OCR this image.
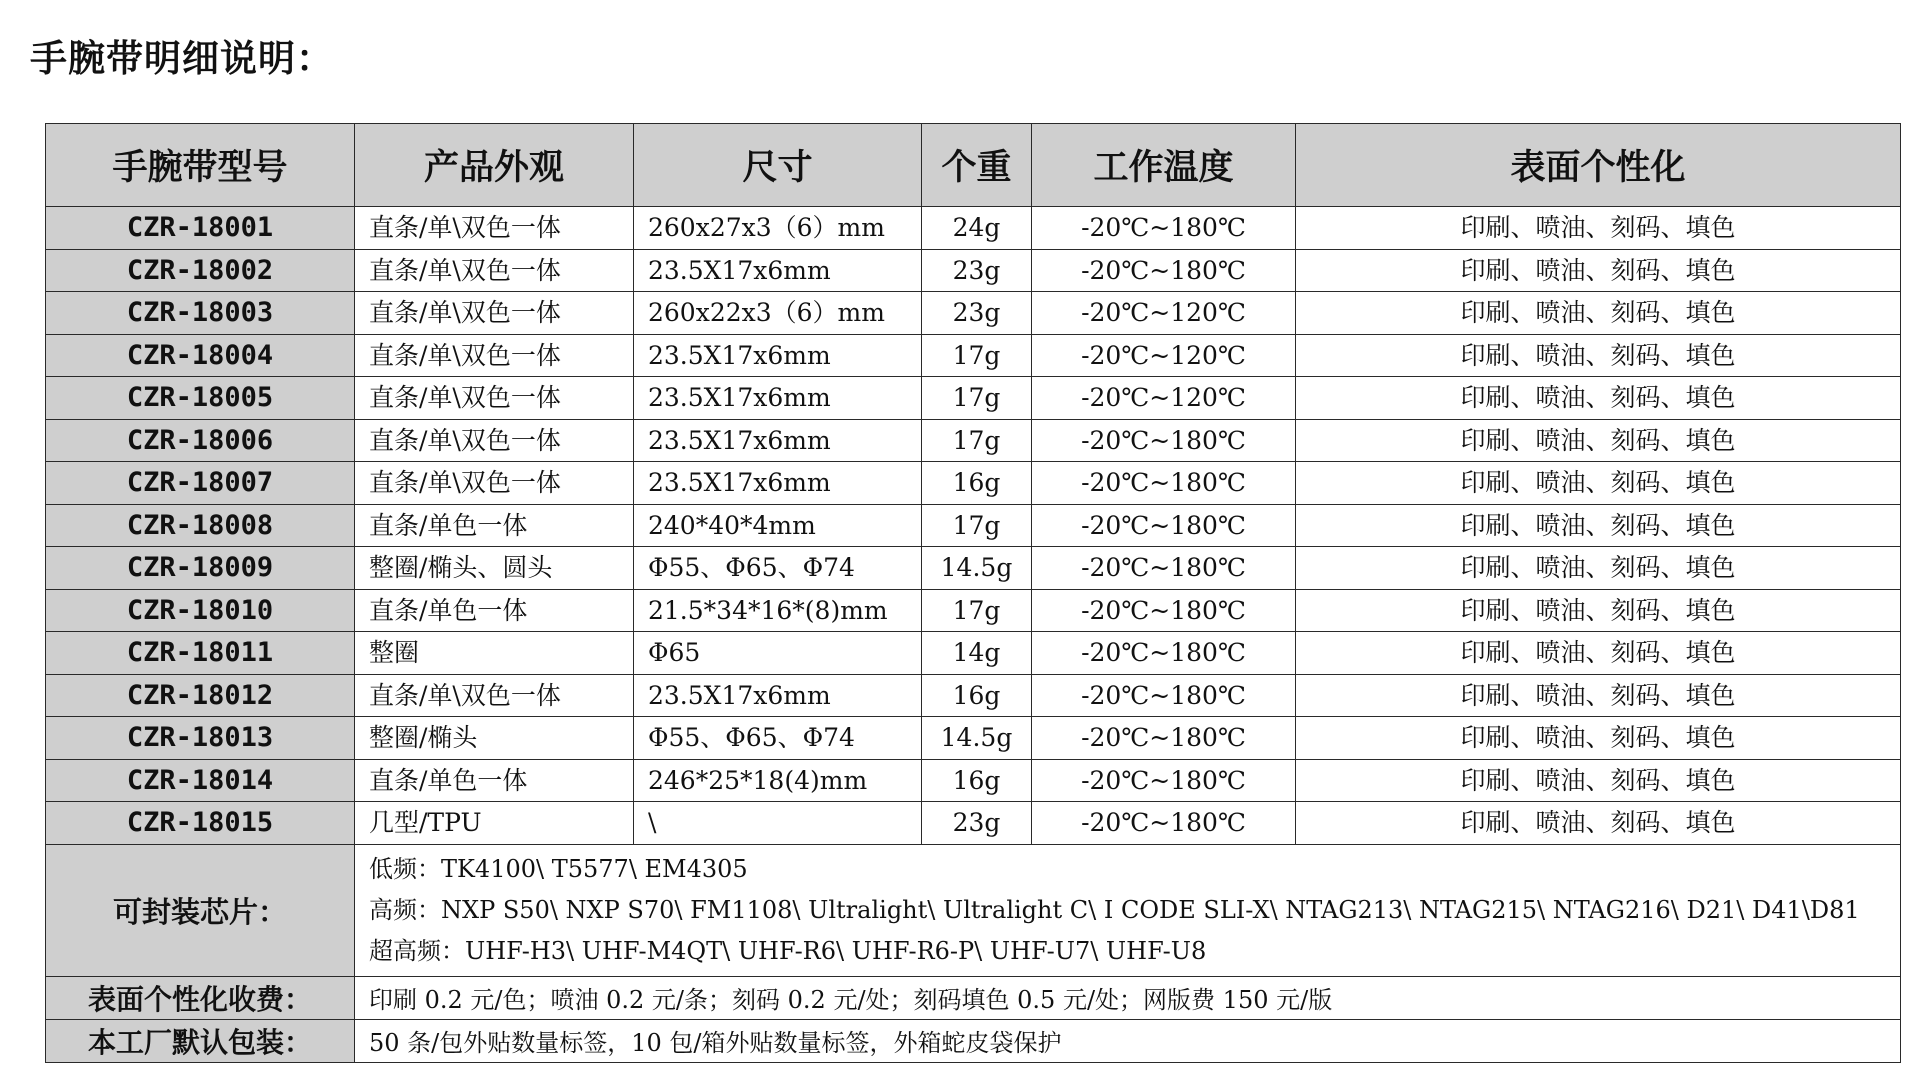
手腕带明细说明：
手腕带型号	产品外观	尺寸	个重	工作温度	表面个性化
CZR-18001	直条/单\双色一体	260x27x3（6）mm	24g	-20℃~180℃	印刷、喷油、刻码、填色
CZR-18002	直条/单\双色一体	23.5X17x6mm	23g	-20℃~180℃	印刷、喷油、刻码、填色
CZR-18003	直条/单\双色一体	260x22x3（6）mm	23g	-20℃~120℃	印刷、喷油、刻码、填色
CZR-18004	直条/单\双色一体	23.5X17x6mm	17g	-20℃~120℃	印刷、喷油、刻码、填色
CZR-18005	直条/单\双色一体	23.5X17x6mm	17g	-20℃~120℃	印刷、喷油、刻码、填色
CZR-18006	直条/单\双色一体	23.5X17x6mm	17g	-20℃~180℃	印刷、喷油、刻码、填色
CZR-18007	直条/单\双色一体	23.5X17x6mm	16g	-20℃~180℃	印刷、喷油、刻码、填色
CZR-18008	直条/单色一体	240*40*4mm	17g	-20℃~180℃	印刷、喷油、刻码、填色
CZR-18009	整圈/椭头、圆头	Φ55、Φ65、Φ74	14.5g	-20℃~180℃	印刷、喷油、刻码、填色
CZR-18010	直条/单色一体	21.5*34*16*(8)mm	17g	-20℃~180℃	印刷、喷油、刻码、填色
CZR-18011	整圈	Φ65	14g	-20℃~180℃	印刷、喷油、刻码、填色
CZR-18012	直条/单\双色一体	23.5X17x6mm	16g	-20℃~180℃	印刷、喷油、刻码、填色
CZR-18013	整圈/椭头	Φ55、Φ65、Φ74	14.5g	-20℃~180℃	印刷、喷油、刻码、填色
CZR-18014	直条/单色一体	246*25*18(4)mm	16g	-20℃~180℃	印刷、喷油、刻码、填色
CZR-18015	几型/TPU	\	23g	-20℃~180℃	印刷、喷油、刻码、填色
可封装芯片：	低频：TK4100\ T5577\ EM4305
高频：NXP S50\ NXP S70\ FM1108\ Ultralight\ Ultralight C\ I CODE SLI-X\ NTAG213\ NTAG215\ NTAG216\ D21\ D41\D81
超高频：UHF-H3\ UHF-M4QT\ UHF-R6\ UHF-R6-P\ UHF-U7\ UHF-U8				

表面个性化收费：	印刷 0.2 元/色；喷油 0.2 元/条；刻码 0.2 元/处；刻码填色 0.5 元/处；网版费 150 元/版				
本工厂默认包装：	50 条/包外贴数量标签，10 包/箱外贴数量标签，外箱蛇皮袋保护				
